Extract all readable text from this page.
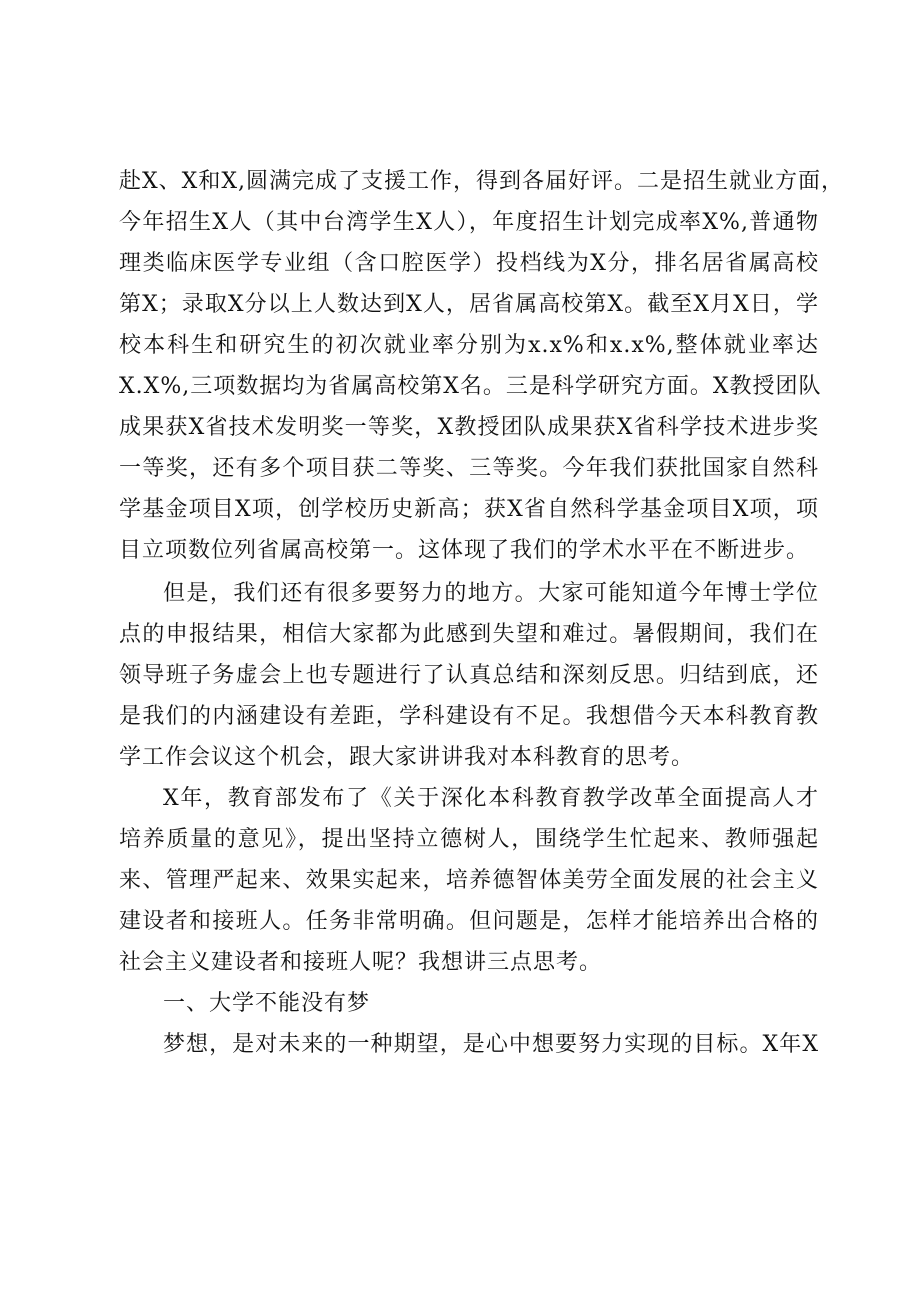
赴X、X和X,圆满完成了支援工作，得到各届好评。二是招生就业方面，
今年招生X人（其中台湾学生X人），年度招生计划完成率X%,普通物
理类临床医学专业组（含口腔医学）投档线为X分，排名居省属高校
第X；录取X分以上人数达到X人，居省属高校第X。截至X月X日，学
校本科生和研究生的初次就业率分别为x.x%和x.x%,整体就业率达
X.X%,三项数据均为省属高校第X名。三是科学研究方面。X教授团队
成果获X省技术发明奖一等奖，X教授团队成果获X省科学技术进步奖
一等奖，还有多个项目获二等奖、三等奖。今年我们获批国家自然科
学基金项目X项，创学校历史新高；获X省自然科学基金项目X项，项
目立项数位列省属高校第一。这体现了我们的学术水平在不断进步。
但是，我们还有很多要努力的地方。大家可能知道今年博士学位
点的申报结果，相信大家都为此感到失望和难过。暑假期间，我们在
领导班子务虚会上也专题进行了认真总结和深刻反思。归结到底，还
是我们的内涵建设有差距，学科建设有不足。我想借今天本科教育教
学工作会议这个机会，跟大家讲讲我对本科教育的思考。
X年，教育部发布了《关于深化本科教育教学改革全面提高人才
培养质量的意见》，提出坚持立德树人，围绕学生忙起来、教师强起
来、管理严起来、效果实起来，培养德智体美劳全面发展的社会主义
建设者和接班人。任务非常明确。但问题是，怎样才能培养出合格的
社会主义建设者和接班人呢？我想讲三点思考。
一、大学不能没有梦
梦想，是对未来的一种期望，是心中想要努力实现的目标。X年X
